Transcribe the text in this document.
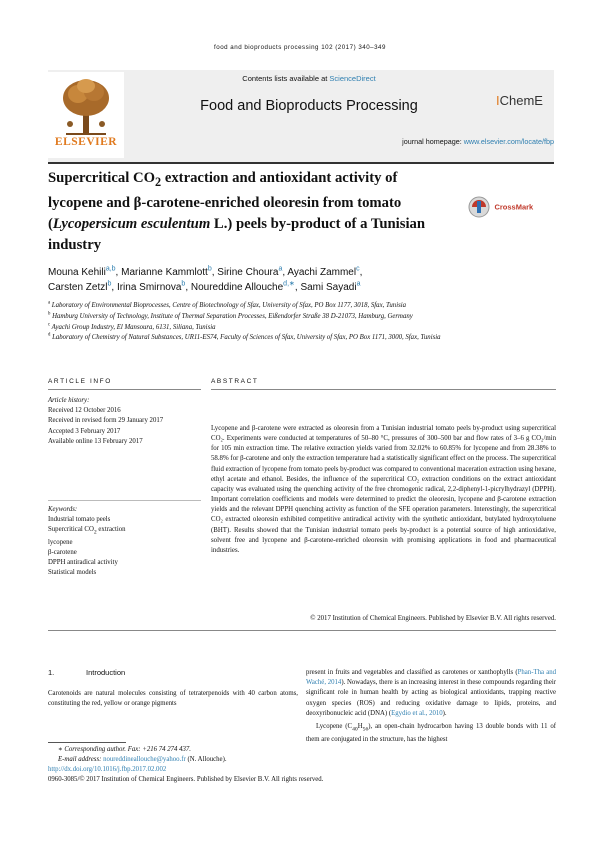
food and bioproducts processing 102 (2017) 340–349
ELSEVIER
Contents lists available at ScienceDirect
Food and Bioproducts Processing
journal homepage: www.elsevier.com/locate/fbp
IChemE
Supercritical $CO_2$ extraction and antioxidant activity of lycopene and β-carotene-enriched oleoresin from tomato (Lycopersicum esculentum L.) peels by-product of a Tunisian industry
CrossMark
Mouna Kehili$^{a,b}$, Marianne Kammlott$^b$, Sirine Choura$^a$, Ayachi Zammel$^c$,
Carsten Zetzl$^b$, Irina Smirnova$^b$, Noureddine Allouche$^{d,∗}$, Sami Sayadi$^a$
$^a$ Laboratory of Environmental Bioprocesses, Centre of Biotechnology of Sfax, University of Sfax, PO Box 1177, 3018, Sfax, Tunisia
$^b$ Hamburg University of Technology, Institute of Thermal Separation Processes, Eißendorfer Straße 38 D-21073, Hamburg, Germany
$^c$ Ayachi Group Industry, El Mansoura, 6131, Siliana, Tunisia
$^d$ Laboratory of Chemistry of Natural Substances, UR11-ES74, Faculty of Sciences of Sfax, University of Sfax, PO Box 1171, 3000, Sfax, Tunisia
ARTICLE INFO	ABSTRACT
Article history:
Received 12 October 2016
Received in revised form 29 January 2017
Accepted 3 February 2017
Available online 13 February 2017
Keywords:
Industrial tomato peels
Supercritical $CO_2$ extraction
lycopene
β-carotene
DPPH antiradical activity
Statistical models
Lycopene and β-carotene were extracted as oleoresin from a Tunisian industrial tomato peels by-product using supercritical CO₂. Experiments were conducted at temperatures of 50–80 °C, pressures of 300–500 bar and flow rates of 3–6 g CO₂/min for 105 min extraction time. The relative extraction yields varied from 32.02% to 60.85% for lycopene and from 28.38% to 58.8% for β-carotene and only the extraction temperature had a statistically significant effect on the process. The supercritical fluid extraction of lycopene from tomato peels by-product was compared to conventional maceration extraction using hexane, ethyl acetate and ethanol. Besides, the influence of the supercritical CO₂ extraction conditions on the extract antioxidant capacity was evaluated using the quenching activity of the free chromogenic radical, 2,2-diphenyl-1-picrylhydrazyl (DPPH). Important correlation coefficients and models were determined to predict the oleoresin, lycopene and β-carotene extraction yields and the relevant DPPH quenching activity as function of the SFE operation parameters. Interestingly, the supercritical CO₂ extracted oleoresin exhibited competitive antiradical activity with the synthetic antioxidant, butylated hydroxytoluene (BHT). Results showed that the Tunisian industrial tomato peels by-product is a potential source of high antioxidative, solvent free and lycopene and β-carotene-enriched oleoresin with promising applications in food and pharmaceutical industries.
© 2017 Institution of Chemical Engineers. Published by Elsevier B.V. All rights reserved.
1.	Introduction
Carotenoids are natural molecules consisting of tetraterpenoids with 40 carbon atoms, constituting the red, yellow or orange pigments

present in fruits and vegetables and classified as carotenes or xanthophylls (Phan-Tha and Waché, 2014). Nowadays, there is an increasing interest in these compounds regarding their significant role in human health by acting as biological antioxidants, trapping reactive oxygen species (ROS) and reducing oxidative damage to lipids, proteins, and deoxyribonucleic acid (DNA) (Egydio et al., 2010).

Lycopene $(C_{40}H_{56})$, an open-chain hydrocarbon having 13 double bonds with 11 of them are conjugated in the structure, has the highest

∗ Corresponding author. Fax: +216 74 274 437.
E-mail address: noureddineallouche@yahoo.fr (N. Allouche).
http://dx.doi.org/10.1016/j.fbp.2017.02.002
0960-3085/© 2017 Institution of Chemical Engineers. Published by Elsevier B.V. All rights reserved.
